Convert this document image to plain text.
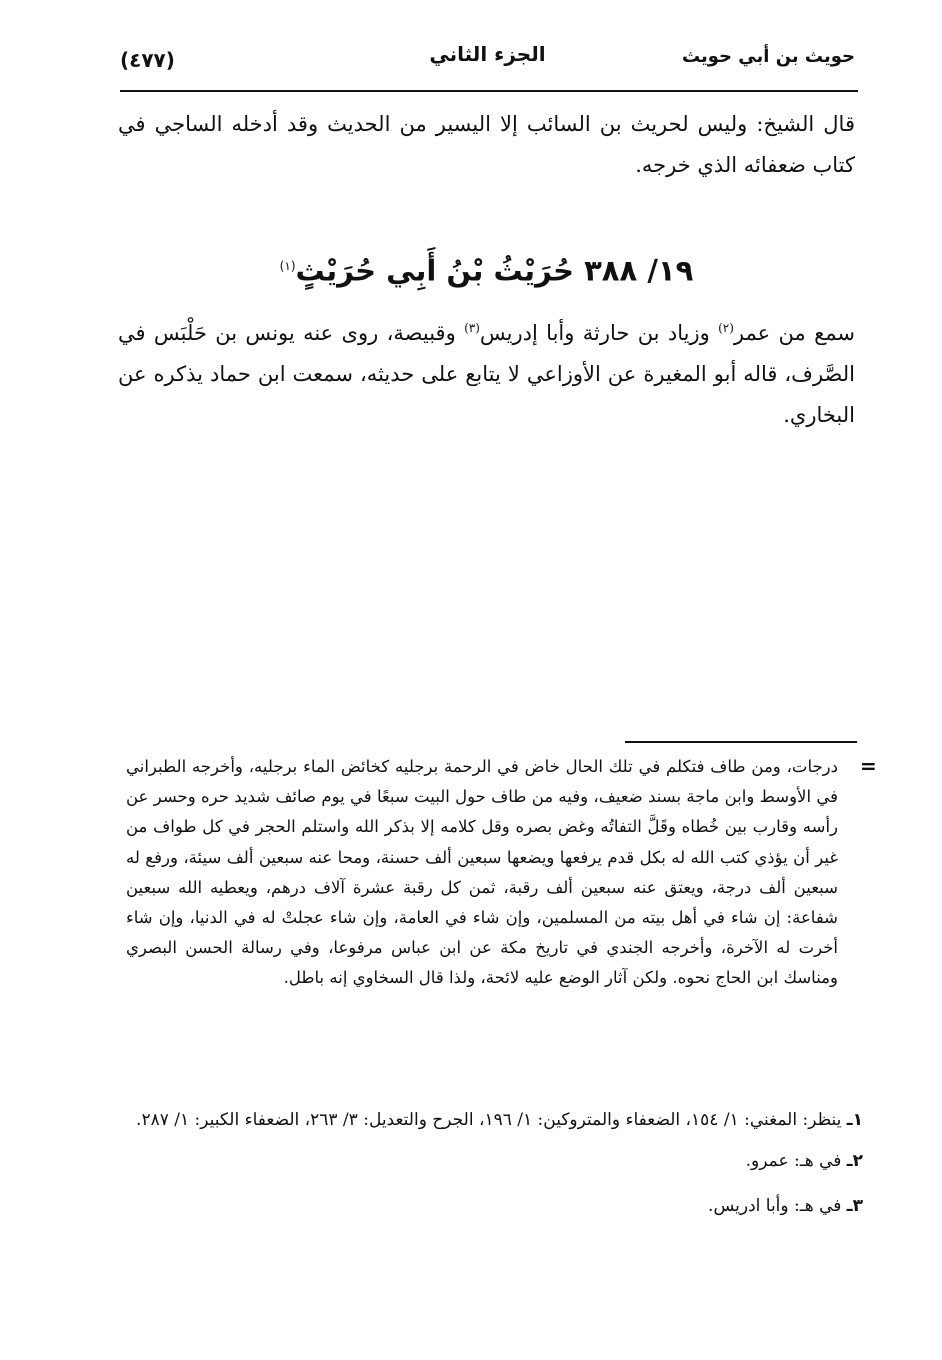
حويث بن أبي حويث
الجزء الثاني
(٤٧٧)
قال الشيخ: وليس لحريث بن السائب إلا اليسير من الحديث وقد أدخله الساجي في كتاب ضعفائه الذي خرجه.
١٩/ ٣٨٨ حُرَيْثُ بْنُ أَبِي حُرَيْثٍ$^{(١)}$
سمع من عمر$^{(٢)}$ وزياد بن حارثة وأبا إدريس$^{(٣)}$ وقبيصة، روى عنه يونس بن حَلْبَس في الصَّرف، قاله أبو المغيرة عن الأوزاعي لا يتابع على حديثه، سمعت ابن حماد يذكره عن البخاري.
=
درجات، ومن طاف فتكلم في تلك الحال خاض في الرحمة برجليه كخائض الماء برجليه، وأخرجه الطبراني في الأوسط وابن ماجة بسند ضعيف، وفيه من طاف حول البيت سبعًا في يوم صائف شديد حره وحسر عن رأسه وقارب بين خُطاه وقَلَّ التفاتُه وغض بصره وقل كلامه إلا بذكر الله واستلم الحجر في كل طواف من غير أن يؤذي كتب الله له بكل قدم يرفعها ويضعها سبعين ألف حسنة، ومحا عنه سبعين ألف سيئة، ورفع له سبعين ألف درجة، ويعتق عنه سبعين ألف رقبة، ثمن كل رقبة عشرة آلاف درهم، ويعطيه الله سبعين شفاعة: إن شاء في أهل بيته من المسلمين، وإن شاء في العامة، وإن شاء عجلتْ له في الدنيا، وإن شاء أخرت له الآخرة، وأخرجه الجندي في تاريخ مكة عن ابن عباس مرفوعا، وفي رسالة الحسن البصري ومناسك ابن الحاج نحوه. ولكن آثار الوضع عليه لائحة، ولذا قال السخاوي إنه باطل.
١ـ ينظر: المغني: ١/ ١٥٤، الضعفاء والمتروكين: ١/ ١٩٦، الجرح والتعديل: ٣/ ٢٦٣، الضعفاء الكبير: ١/ ٢٨٧.
٢ـ في هـ: عمرو.
٣ـ في هـ: وأبا ادريس.
